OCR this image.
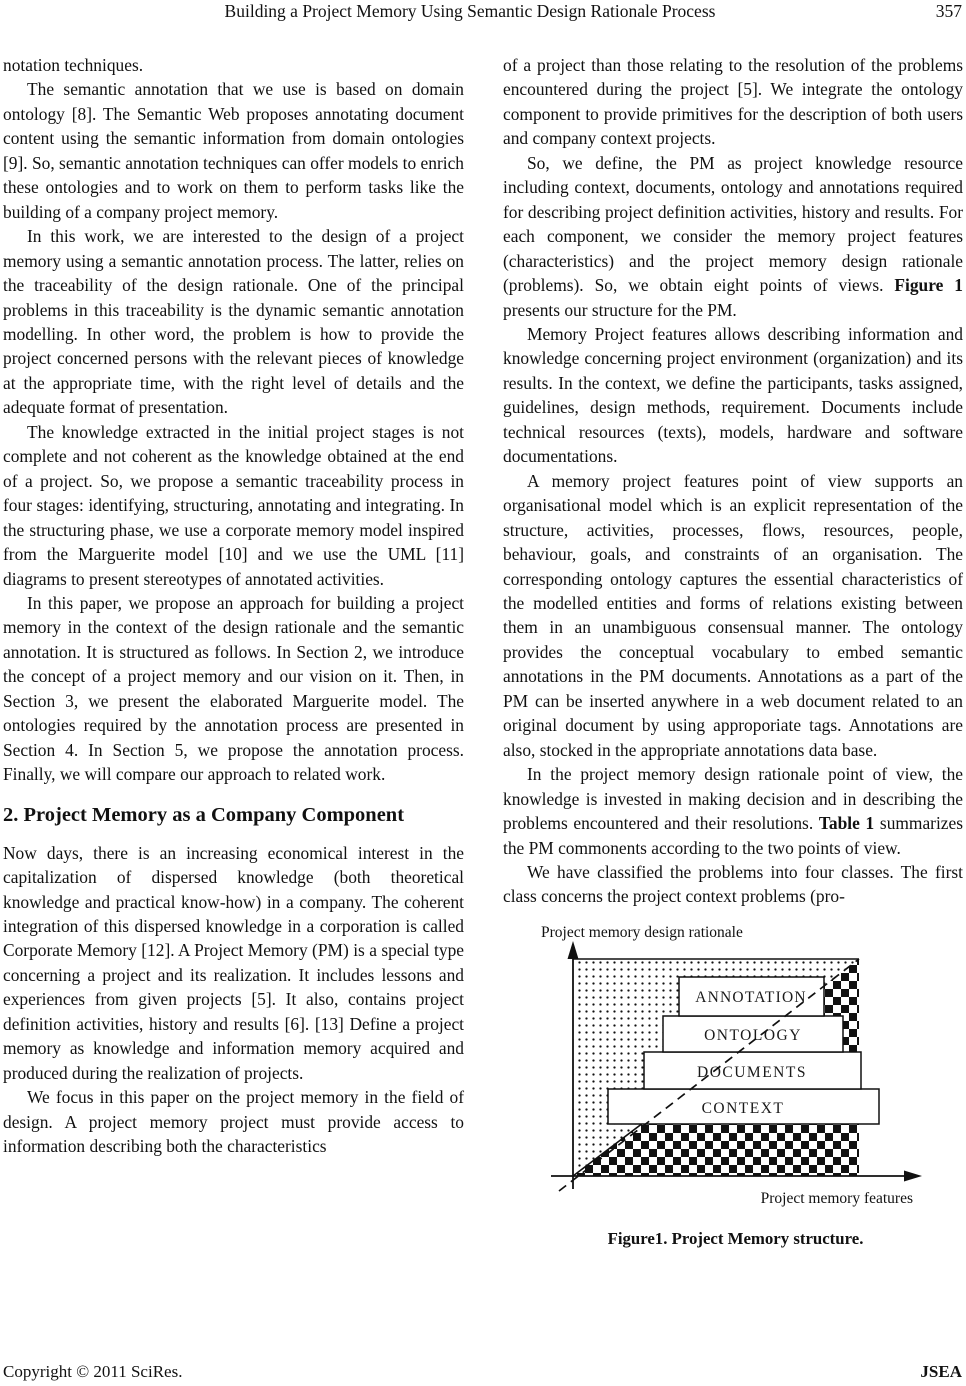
Building a Project Memory Using Semantic Design Rationale Process	357

notation techniques.

The semantic annotation that we use is based on domain ontology [8]. The Semantic Web proposes annotating document content using the semantic information from domain ontologies [9]. So, semantic annotation techniques can offer models to enrich these ontologies and to work on them to perform tasks like the building of a company project memory.

In this work, we are interested to the design of a project memory using a semantic annotation process. The latter, relies on the traceability of the design rationale. One of the principal problems in this traceability is the dynamic semantic annotation modelling. In other word, the problem is how to provide the project concerned persons with the relevant pieces of knowledge at the appropriate time, with the right level of details and the adequate format of presentation.

The knowledge extracted in the initial project stages is not complete and not coherent as the knowledge obtained at the end of a project. So, we propose a semantic traceability process in four stages: identifying, structuring, annotating and integrating. In the structuring phase, we use a corporate memory model inspired from the Marguerite model [10] and we use the UML [11] diagrams to present stereotypes of annotated activities.

In this paper, we propose an approach for building a project memory in the context of the design rationale and the semantic annotation. It is structured as follows. In Section 2, we introduce the concept of a project memory and our vision on it. Then, in Section 3, we present the elaborated Marguerite model. The ontologies required by the annotation process are presented in Section 4. In Section 5, we propose the annotation process. Finally, we will compare our approach to related work.

2. Project Memory as a Company Component

Now days, there is an increasing economical interest in the capitalization of dispersed knowledge (both theoretical knowledge and practical know-how) in a company. The coherent integration of this dispersed knowledge in a corporation is called Corporate Memory [12]. A Project Memory (PM) is a special type concerning a project and its realization. It includes lessons and experiences from given projects [5]. It also, contains project definition activities, history and results [6]. [13] Define a project memory as knowledge and information memory acquired and produced during the realization of projects.

We focus in this paper on the project memory in the field of design. A project memory project must provide access to information describing both the characteristics

of a project than those relating to the resolution of the problems encountered during the project [5]. We integrate the ontology component to provide primitives for the description of both users and company context projects.

So, we define, the PM as project knowledge resource including context, documents, ontology and annotations required for describing project definition activities, history and results. For each component, we consider the memory project features (characteristics) and the project memory design rationale (problems). So, we obtain eight points of views. Figure 1 presents our structure for the PM.

Memory Project features allows describing information and knowledge concerning project environment (organization) and its results. In the context, we define the participants, tasks assigned, guidelines, design methods, requirement. Documents include technical resources (texts), models, hardware and software documentations.

A memory project features point of view supports an organisational model which is an explicit representation of the structure, activities, processes, flows, resources, people, behaviour, goals, and constraints of an organisation. The corresponding ontology captures the essential characteristics of the modelled entities and forms of relations existing between them in an unambiguous consensual manner. The ontology provides the conceptual vocabulary to embed semantic annotations in the PM documents. Annotations as a part of the PM can be inserted anywhere in a web document related to an original document by using approporiate tags. Annotations are also, stocked in the appropriate annotations data base.

In the project memory design rationale point of view, the knowledge is invested in making decision and in describing the problems encountered and their resolutions. Table 1 summarizes the PM commonents according to the two points of view.

We have classified the problems into four classes. The first class concerns the project context problems (pro-

Project memory design rationale
CONTEXT
DOCUMENTS
ONTOLOGY
ANNOTATION
Project memory features
Figure1. Project Memory structure.
Copyright © 2011 SciRes.	JSEA
